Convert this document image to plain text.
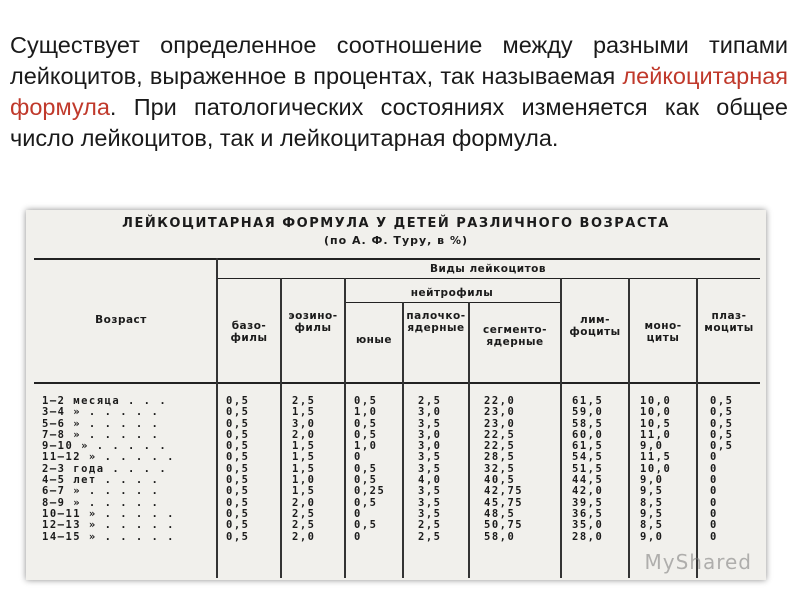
Существует определенное соотношение между разными типами лейкоцитов, выраженное в процентах, так называемая лейкоцитарная формула. При патологических состояниях изменяется как общее число лейкоцитов, так и лейкоцитарная формула.

ЛЕЙКОЦИТАРНАЯ ФОРМУЛА У ДЕТЕЙ РАЗЛИЧНОГО ВОЗРАСТА
(по А. Ф. Туру, в %)
Возраст
Виды лейкоцитов
нейтрофилы
базо-филы
эозино-филы
юные
палочко-ядерные	сегменто-ядерные
лим-фоциты	моно-циты
плаз-моциты
1—2 месяца . . .
3—4 » . . . . .
5—6 » . . . . .
7—8 » . . . . .
9—10 » . . . . .
11—12 » . . . . .
2—3 года . . . .
4—5 лет . . . .
6—7 » . . . . .
8—9 » . . . . .
10—11 » . . . . .
12—13 » . . . . .
14—15 » . . . . .
0,5
0,5
0,5
0,5
0,5
0,5
0,5
0,5
0,5
0,5
0,5
0,5
0,5
2,5
1,5
3,0
2,0
1,5
1,5
1,5
1,0
1,5
2,0
2,5
2,5
2,0
0,5
1,0
0,5
0,5
1,0
0
0,5
0,5
0,25
0,5
0
0,5
0
2,5
3,0
3,5
3,0
3,0
3,5
3,5
4,0
3,5
3,5
3,5
2,5
2,5
22,0
23,0
23,0
22,5
22,5
28,5
32,5
40,5
42,75
45,75
48,5
50,75
58,0
61,5
59,0
58,5
60,0
61,5
54,5
51,5
44,5
42,0
39,5
36,5
35,0
28,0
10,0
10,0
10,5
11,0
9,0
11,5
10,0
9,0
9,5
8,5
9,5
8,5
9,0
0,5
0,5
0,5
0,5
0,5
0
0
0
0
0
0
0
0
MyShared
